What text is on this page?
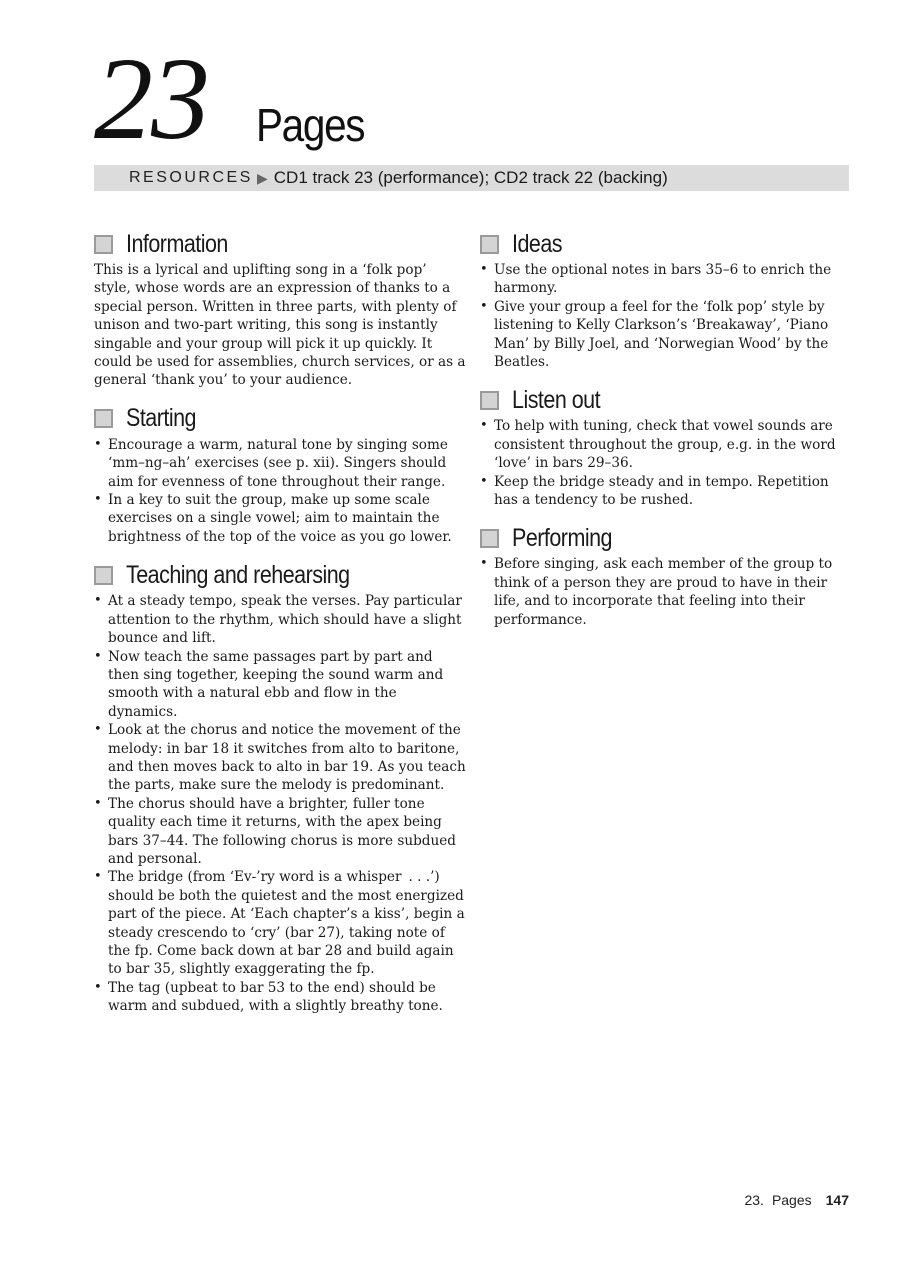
23 Pages
RESOURCES ▶ CD1 track 23 (performance); CD2 track 22 (backing)
Information

This is a lyrical and uplifting song in a ‘folk pop’ style, whose words are an expression of thanks to a special person. Written in three parts, with plenty of unison and two-part writing, this song is instantly singable and your group will pick it up quickly. It could be used for assemblies, church services, or as a general ‘thank you’ to your audience.

Starting
• Encourage a warm, natural tone by singing some ‘mm–ng–ah’ exercises (see p. xii). Singers should aim for evenness of tone throughout their range.
• In a key to suit the group, make up some scale exercises on a single vowel; aim to maintain the brightness of the top of the voice as you go lower.
Teaching and rehearsing
• At a steady tempo, speak the verses. Pay particular attention to the rhythm, which should have a slight bounce and lift.
• Now teach the same passages part by part and then sing together, keeping the sound warm and smooth with a natural ebb and flow in the dynamics.
• Look at the chorus and notice the movement of the melody: in bar 18 it switches from alto to baritone, and then moves back to alto in bar 19. As you teach the parts, make sure the melody is predominant.
• The chorus should have a brighter, fuller tone quality each time it returns, with the apex being bars 37–44. The following chorus is more subdued and personal.
• The bridge (from ‘Ev-’ry word is a whisper  . . .’) should be both the quietest and the most energized part of the piece. At ‘Each chapter’s a kiss’, begin a steady crescendo to ‘cry’ (bar 27), taking note of the fp. Come back down at bar 28 and build again to bar 35, slightly exaggerating the fp.
• The tag (upbeat to bar 53 to the end) should be warm and subdued, with a slightly breathy tone.
Ideas
• Use the optional notes in bars 35–6 to enrich the harmony.
• Give your group a feel for the ‘folk pop’ style by listening to Kelly Clarkson’s ‘Breakaway’, ‘Piano Man’ by Billy Joel, and ‘Norwegian Wood’ by the Beatles.
Listen out
• To help with tuning, check that vowel sounds are consistent throughout the group, e.g. in the word ‘love’ in bars 29–36.
• Keep the bridge steady and in tempo. Repetition has a tendency to be rushed.
Performing
• Before singing, ask each member of the group to think of a person they are proud to have in their life, and to incorporate that feeling into their performance.
23. Pages 147
